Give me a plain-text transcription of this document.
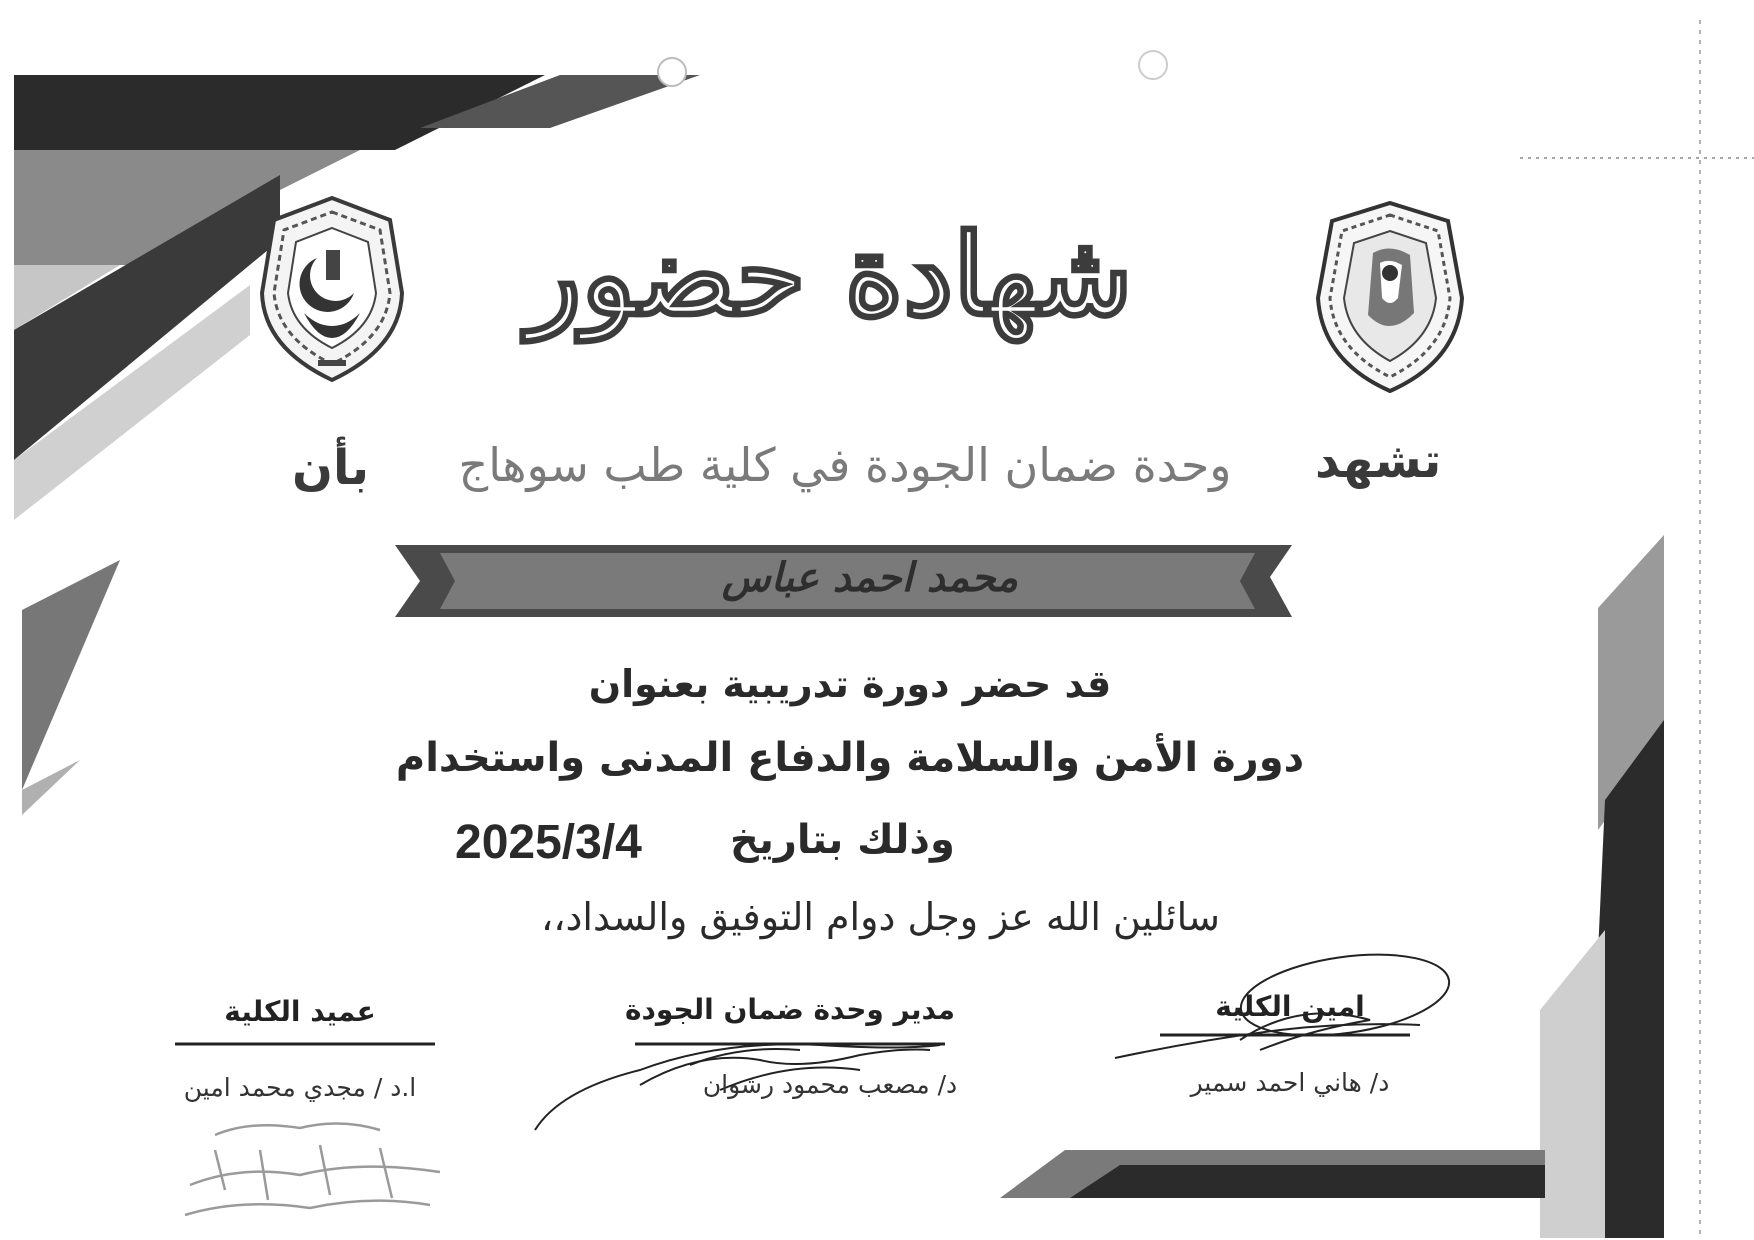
شهادة حضور
تشهد
وحدة ضمان الجودة في كلية طب سوهاج
بأن
محمد احمد عباس
قد حضر دورة تدريبية بعنوان
دورة الأمن والسلامة والدفاع المدنى واستخدام
وذلك بتاريخ
2025/3/4
سائلين الله عز وجل دوام التوفيق والسداد،،
امين الكلية
د/ هاني احمد سمير
مدير وحدة ضمان الجودة
د/ مصعب محمود رشوان
عميد الكلية
ا.د / مجدي محمد امين
